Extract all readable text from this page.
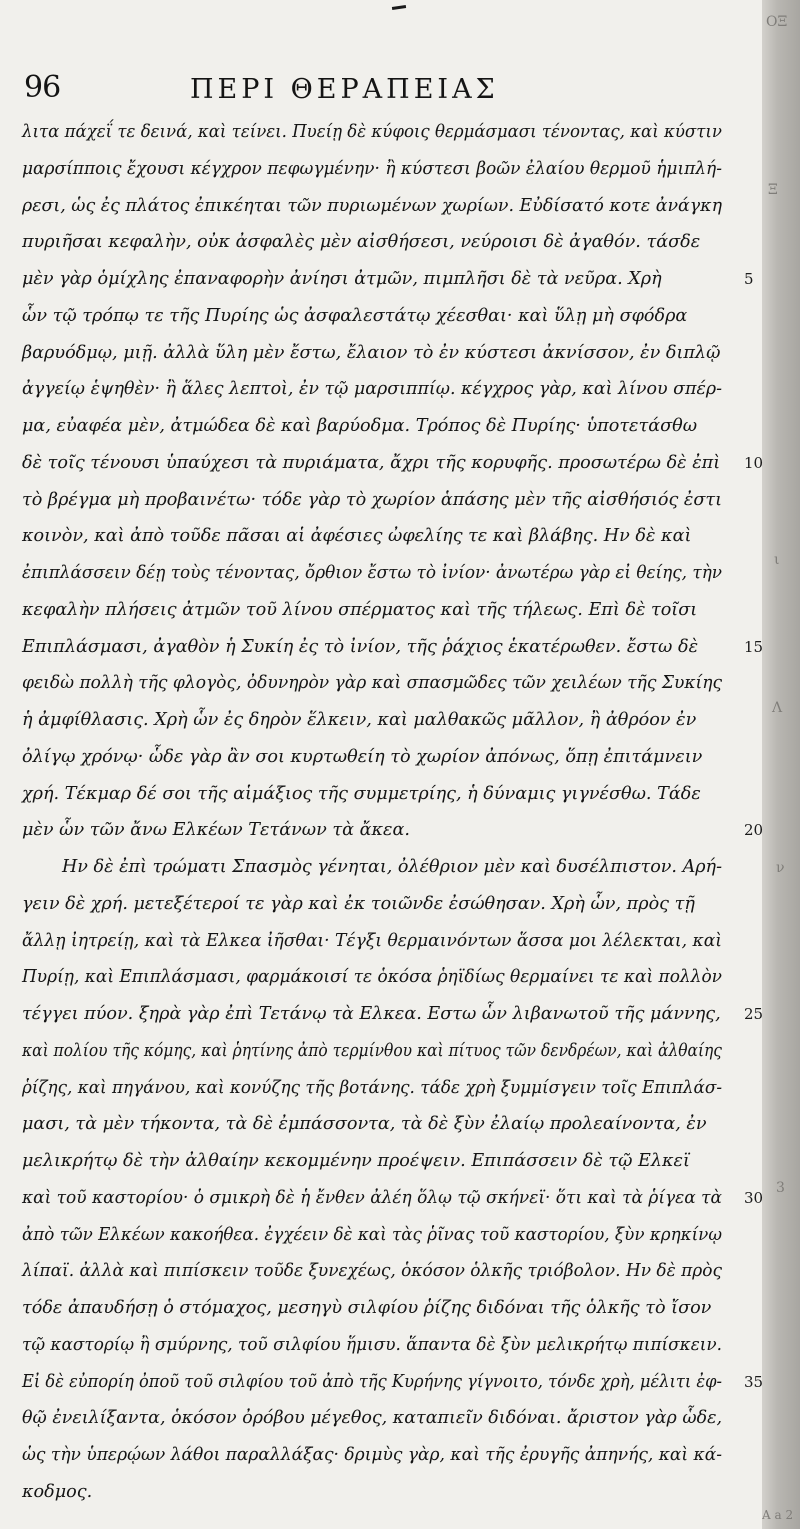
ΟΞ
Ξ
ι
Λ
ν
3
A a 2
96	ΠΕΡΙ ΘΕΡΑΠΕΙΑΣ
λιτα πάχεΐ τε δεινά, καὶ τείνει. Πυείῃ δὲ κύφοις θερμάσμασι τένοντας, καὶ κύστιν
μαρσίπποις ἔχουσι κέγχρον πεφωγμένην· ἢ κύστεσι βοῶν ἐλαίου θερμοῦ ἡμιπλή-
ρεσι, ὡς ἐς πλάτος ἐπικέηται τῶν πυριωμένων χωρίων. Εὐδίσατό κοτε ἀνάγκη
πυριῆσαι κεφαλὴν, οὐκ ἀσφαλὲς μὲν αἰσθήσεσι, νεύροισι δὲ ἀγαθόν. τάσδε
μὲν γὰρ ὁμίχλης ἐπαναφορὴν ἀνίησι ἀτμῶν, πιμπλῆσι δὲ τὰ νεῦρα. Χρὴ	5
ὧν τῷ τρόπῳ τε τῆς Πυρίης ὡς ἀσφαλεστάτῳ χέεσθαι· καὶ ὕλῃ μὴ σφόδρα
βαρυόδμῳ, μιῇ. ἀλλὰ ὕλη μὲν ἔστω, ἔλαιον τὸ ἐν κύστεσι ἀκνίσσον, ἐν διπλῷ
ἀγγείῳ ἑψηθὲν· ἢ ἅλες λεπτοὶ, ἐν τῷ μαρσιππίῳ. κέγχρος γὰρ, καὶ λίνου σπέρ-
μα, εὐαφέα μὲν, ἀτμώδεα δὲ καὶ βαρύοδμα. Τρόπος δὲ Πυρίης· ὑποτετάσθω
δὲ τοῖς τένουσι ὑπαύχεσι τὰ πυριάματα, ἄχρι τῆς κορυφῆς. προσωτέρω δὲ ἐπὶ 10
τὸ βρέγμα μὴ προβαινέτω· τόδε γὰρ τὸ χωρίον ἁπάσης μὲν τῆς αἰσθήσιός ἐστι
κοινὸν, καὶ ἀπὸ τοῦδε πᾶσαι αἱ ἀφέσιες ὠφελίης τε καὶ βλάβης. Ην δὲ καὶ
ἐπιπλάσσειν δέῃ τοὺς τένοντας, ὄρθιον ἔστω τὸ ἰνίον· ἀνωτέρω γὰρ εἰ θείης, τὴν
κεφαλὴν πλήσεις ἀτμῶν τοῦ λίνου σπέρματος καὶ τῆς τήλεως. Επὶ δὲ τοῖσι
Επιπλάσμασι, ἀγαθὸν ἡ Συκίη ἐς τὸ ἰνίον, τῆς ῥάχιος ἑκατέρωθεν. ἔστω δὲ	15
φειδὼ πολλὴ τῆς φλογὸς, ὀδυνηρὸν γὰρ καὶ σπασμῶδες τῶν χειλέων τῆς Συκίης
ἡ ἀμφίθλασις. Χρὴ ὧν ἐς δηρὸν ἕλκειν, καὶ μαλθακῶς μᾶλλον, ἢ ἀθρόον ἐν
ὀλίγῳ χρόνῳ· ὧδε γὰρ ἂν σοι κυρτωθείη τὸ χωρίον ἀπόνως, ὅπῃ ἐπιτάμνειν
χρή. Τέκμαρ δέ σοι τῆς αἱμάξιος τῆς συμμετρίης, ἡ δύναμις γιγνέσθω. Τάδε
μὲν ὧν τῶν ἄνω Ελκέων Τετάνων τὰ ἄκεα.	20
Ην δὲ ἐπὶ τρώματι Σπασμὸς γένηται, ὀλέθριον μὲν καὶ δυσέλπιστον. Αρή-
γειν δὲ χρή. μετεξέτεροί τε γὰρ καὶ ἐκ τοιῶνδε ἐσώθησαν. Χρὴ ὧν, πρὸς τῇ
ἄλλῃ ἰητρείῃ, καὶ τὰ Ελκεα ἰῆσθαι· Τέγξι θερμαινόντων ἅσσα μοι λέλεκται, καὶ
Πυρίῃ, καὶ Επιπλάσμασι, φαρμάκοισί τε ὁκόσα ῥηϊδίως θερμαίνει τε καὶ πολλὸν
τέγγει πύον. ξηρὰ γὰρ ἐπὶ Τετάνῳ τὰ Ελκεα. Εστω ὧν λιβανωτοῦ τῆς μάννης, 25
καὶ πολίου τῆς κόμης, καὶ ῥητίνης ἀπὸ τερμίνθου καὶ πίτυος τῶν δενδρέων, καὶ ἀλθαίης
ῥίζης, καὶ πηγάνου, καὶ κονύζης τῆς βοτάνης. τάδε χρὴ ξυμμίσγειν τοῖς Επιπλάσ-
μασι, τὰ μὲν τήκοντα, τὰ δὲ ἐμπάσσοντα, τὰ δὲ ξὺν ἐλαίῳ προλεαίνοντα, ἐν
μελικρήτῳ δὲ τὴν ἀλθαίην κεκομμένην προέψειν. Επιπάσσειν δὲ τῷ Ελκεϊ
καὶ τοῦ καστορίου· ὁ σμικρὴ δὲ ἡ ἔνθεν ἀλέη ὅλῳ τῷ σκήνεϊ· ὅτι καὶ τὰ ῥίγεα τὰ 30
ἀπὸ τῶν Ελκέων κακοήθεα. ἐγχέειν δὲ καὶ τὰς ῥῖνας τοῦ καστορίου, ξὺν κρηκίνῳ
λίπαϊ. ἀλλὰ καὶ πιπίσκειν τοῦδε ξυνεχέως, ὁκόσον ὁλκῆς τριόβολον. Ην δὲ πρὸς
τόδε ἀπαυδήσῃ ὁ στόμαχος, μεσηγὺ σιλφίου ῥίζης διδόναι τῆς ὁλκῆς τὸ ἴσον
τῷ καστορίῳ ἢ σμύρνης, τοῦ σιλφίου ἥμισυ. ἅπαντα δὲ ξὺν μελικρήτῳ πιπίσκειν.
Εἰ δὲ εὐπορίη ὀποῦ τοῦ σιλφίου τοῦ ἀπὸ τῆς Κυρήνης γίγνοιτο, τόνδε χρὴ, μέλιτι ἐφ- 35
θῷ ἐνειλίξαντα, ὁκόσον ὀρόβου μέγεθος, καταπιεῖν διδόναι. ἄριστον γὰρ ὧδε,
ὡς τὴν ὑπερῴων λάθοι παραλλάξας· δριμὺς γὰρ, καὶ τῆς ἐρυγῆς ἀπηνής, καὶ κά-
κοδμος.
